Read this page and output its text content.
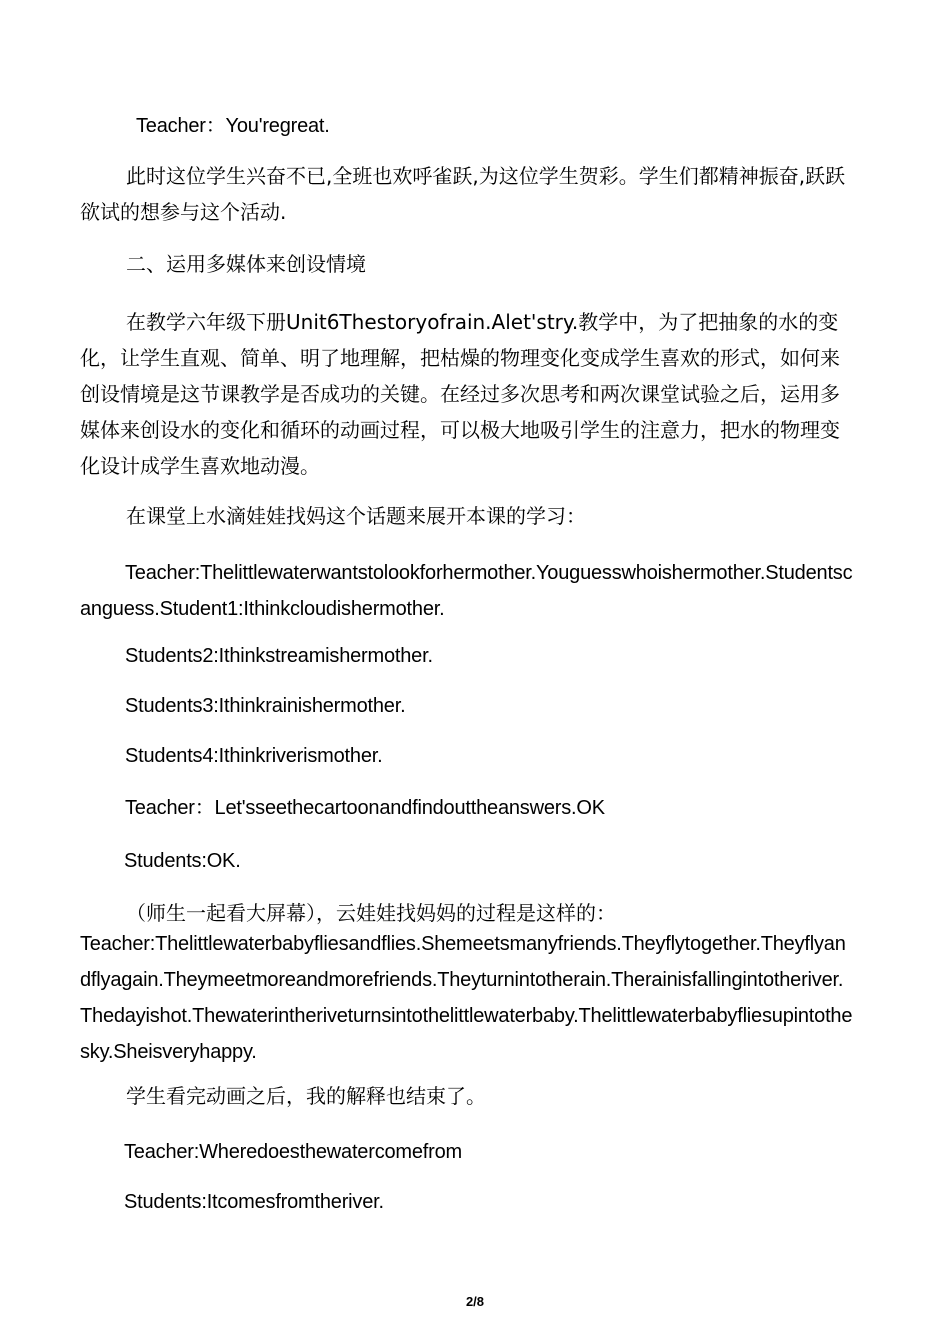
Teacher：You'regreat.

此时这位学生兴奋不已,全班也欢呼雀跃,为这位学生贺彩。学生们都精神振奋,跃跃欲试的想参与这个活动.

二、运用多媒体来创设情境

在教学六年级下册Unit6Thestoryofrain.Alet'stry.教学中，为了把抽象的水的变化，让学生直观、简单、明了地理解，把枯燥的物理变化变成学生喜欢的形式，如何来创设情境是这节课教学是否成功的关键。在经过多次思考和两次课堂试验之后，运用多媒体来创设水的变化和循环的动画过程，可以极大地吸引学生的注意力，把水的物理变化设计成学生喜欢地动漫。

在课堂上水滴娃娃找妈这个话题来展开本课的学习：

Teacher:Thelittlewaterwantstolookforhermother.Youguesswhoishermother.Studentscanguess.Student1:Ithinkcloudishermother.

Students2:Ithinkstreamishermother.

Students3:Ithinkrainishermother.

Students4:Ithinkriverismother.

Teacher：Let'sseethecartoonandfindouttheanswers.OK

Students:OK.

（师生一起看大屏幕），云娃娃找妈妈的过程是这样的：

Teacher:Thelittlewaterbabyfliesandflies.Shemeetsmanyfriends.Theyflytogether.Theyflyandflyagain.Theymeetmoreandmorefriends.Theyturnintotherain.Therainisfallingintotheriver.Thedayishot.Thewaterintheriveturnsintothelittlewaterbaby.Thelittlewaterbabyfliesupintothesky.Sheisveryhappy.

学生看完动画之后，我的解释也结束了。

Teacher:Wheredoesthewatercomefrom

Students:Itcomesfromtheriver.

2/8
